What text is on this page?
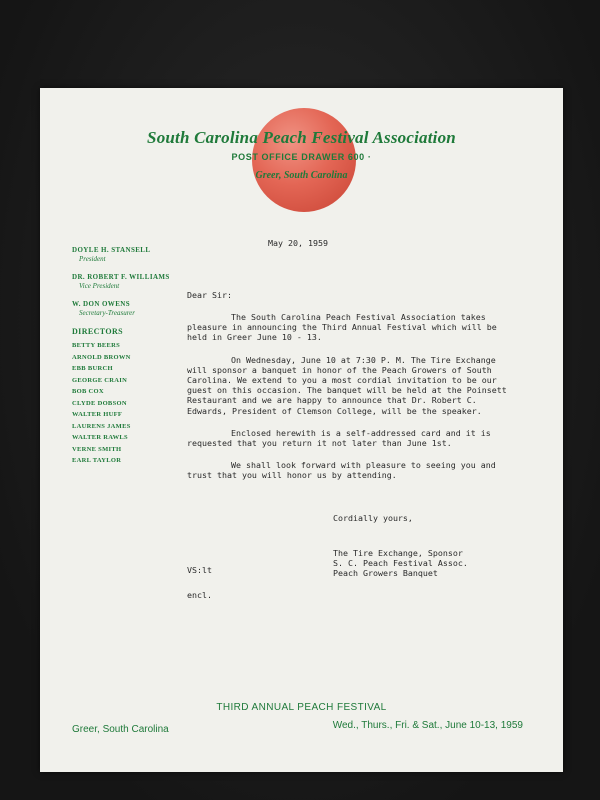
South Carolina Peach Festival Association
POST OFFICE DRAWER 600 ·
Greer, South Carolina
DOYLE H. STANSELL
President
DR. ROBERT F. WILLIAMS
Vice President
W. DON OWENS
Secretary-Treasurer
DIRECTORS
BETTY BEERS
ARNOLD BROWN
EBB BURCH
GEORGE CRAIN
BOB COX
CLYDE DOBSON
WALTER HUFF
LAURENS JAMES
WALTER RAWLS
VERNE SMITH
EARL TAYLOR
May 20, 1959
Dear Sir:

The South Carolina Peach Festival Association takes pleasure in announcing the Third Annual Festival which will be held in Greer June 10 - 13.

On Wednesday, June 10 at 7:30 P. M. The Tire Exchange will sponsor a banquet in honor of the Peach Growers of South Carolina. We extend to you a most cordial invitation to be our guest on this occasion. The banquet will be held at the Poinsett Restaurant and we are happy to announce that Dr. Robert C. Edwards, President of Clemson College, will be the speaker.

Enclosed herewith is a self-addressed card and it is requested that you return it not later than June 1st.

We shall look forward with pleasure to seeing you and trust that you will honor us by attending.

Cordially yours,
The Tire Exchange, Sponsor
S. C. Peach Festival Assoc.
Peach Growers Banquet
VS:lt
encl.
THIRD ANNUAL PEACH FESTIVAL
Greer, South Carolina	Wed., Thurs., Fri. & Sat., June 10-13, 1959
